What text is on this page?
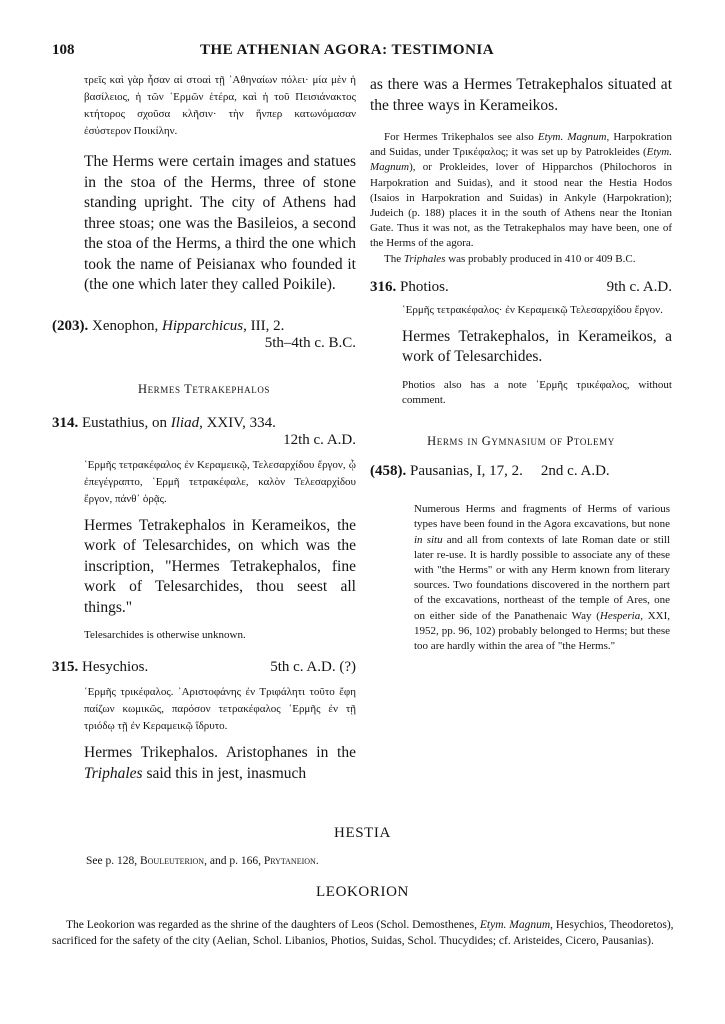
108	THE ATHENIAN AGORA: TESTIMONIA

τρεῖς καὶ γὰρ ἦσαν αἱ στοαὶ τῇ ᾿Αθηναίων πόλει· μία μὲν ἡ βασίλειος, ἡ τῶν ῾Ερμῶν ἑτέρα, καὶ ἡ τοῦ Πεισιάνακτος κτήτορος σχοῦσα κλῆσιν· τὴν ἥνπερ κατωνόμασαν ἐσύστερον Ποικίλην.

The Herms were certain images and statues in the stoa of the Herms, three of stone standing upright. The city of Athens had three stoas; one was the Basileios, a second the stoa of the Herms, a third the one which took the name of Peisianax who founded it (the one which later they called Poikile).

(203). Xenophon, Hipparchicus, III, 2.
5th–4th c. B.C.
Hermes Tetrakephalos
314. Eustathius, on Iliad, XXIV, 334.
12th c. A.D.

῾Ερμῆς τετρακέφαλος ἐν Κεραμεικῷ, Τελεσαρχίδου ἔργον, ᾧ ἐπεγέγραπτο, ῾Ερμῆ τετρακέφαλε, καλὸν Τελεσαρχίδου ἔργον, πάνθ᾿ ὁρᾷς.

Hermes Tetrakephalos in Kerameikos, the work of Telesarchides, on which was the inscription, "Hermes Tetrakephalos, fine work of Telesarchides, thou seest all things."

Telesarchides is otherwise unknown.

315. Hesychios.	5th c. A.D. (?)

῾Ερμῆς τρικέφαλος. ᾿Αριστοφάνης ἐν Τριφάλητι τοῦτο ἔφη παίζων κωμικῶς, παρόσον τετρακέφαλος ῾Ερμῆς ἐν τῇ τριόδῳ τῇ ἐν Κεραμεικῷ ἵδρυτο.

Hermes Trikephalos. Aristophanes in the Triphales said this in jest, inasmuch

as there was a Hermes Tetrakephalos situated at the three ways in Kerameikos.

For Hermes Trikephalos see also Etym. Magnum, Harpokration and Suidas, under Τρικέφαλος; it was set up by Patrokleides (Etym. Magnum), or Prokleides, lover of Hipparchos (Philochoros in Harpokration and Suidas), and it stood near the Hestia Hodos (Isaios in Harpokration and Suidas) in Ankyle (Harpokration); Judeich (p. 188) places it in the south of Athens near the Itonian Gate. Thus it was not, as the Tetrakephalos may have been, one of the Herms of the agora.

The Triphales was probably produced in 410 or 409 B.C.

316. Photios.	9th c. A.D.

῾Ερμῆς τετρακέφαλος· ἐν Κεραμεικῷ Τελεσαρχίδου ἔργον.

Hermes Tetrakephalos, in Kerameikos, a work of Telesarchides.

Photios also has a note ῾Ερμῆς τρικέφαλος, without comment.

Herms in Gymnasium of Ptolemy
(458). Pausanias, I, 17, 2. 2nd c. A.D.

Numerous Herms and fragments of Herms of various types have been found in the Agora excavations, but none in situ and all from contexts of late Roman date or still later re-use. It is hardly possible to associate any of these with "the Herms" or with any Herm known from literary sources. Two foundations discovered in the northern part of the excavations, northeast of the temple of Ares, one on either side of the Panathenaic Way (Hesperia, XXI, 1952, pp. 96, 102) probably belonged to Herms; but these too are hardly within the area of "the Herms."

HESTIA
See p. 128, Bouleuterion, and p. 166, Prytaneion.
LEOKORION
The Leokorion was regarded as the shrine of the daughters of Leos (Schol. Demosthenes, Etym. Magnum, Hesychios, Theodoretos), sacrificed for the safety of the city (Aelian, Schol. Libanios, Photios, Suidas, Schol. Thucydides; cf. Aristeides, Cicero, Pausanias).
